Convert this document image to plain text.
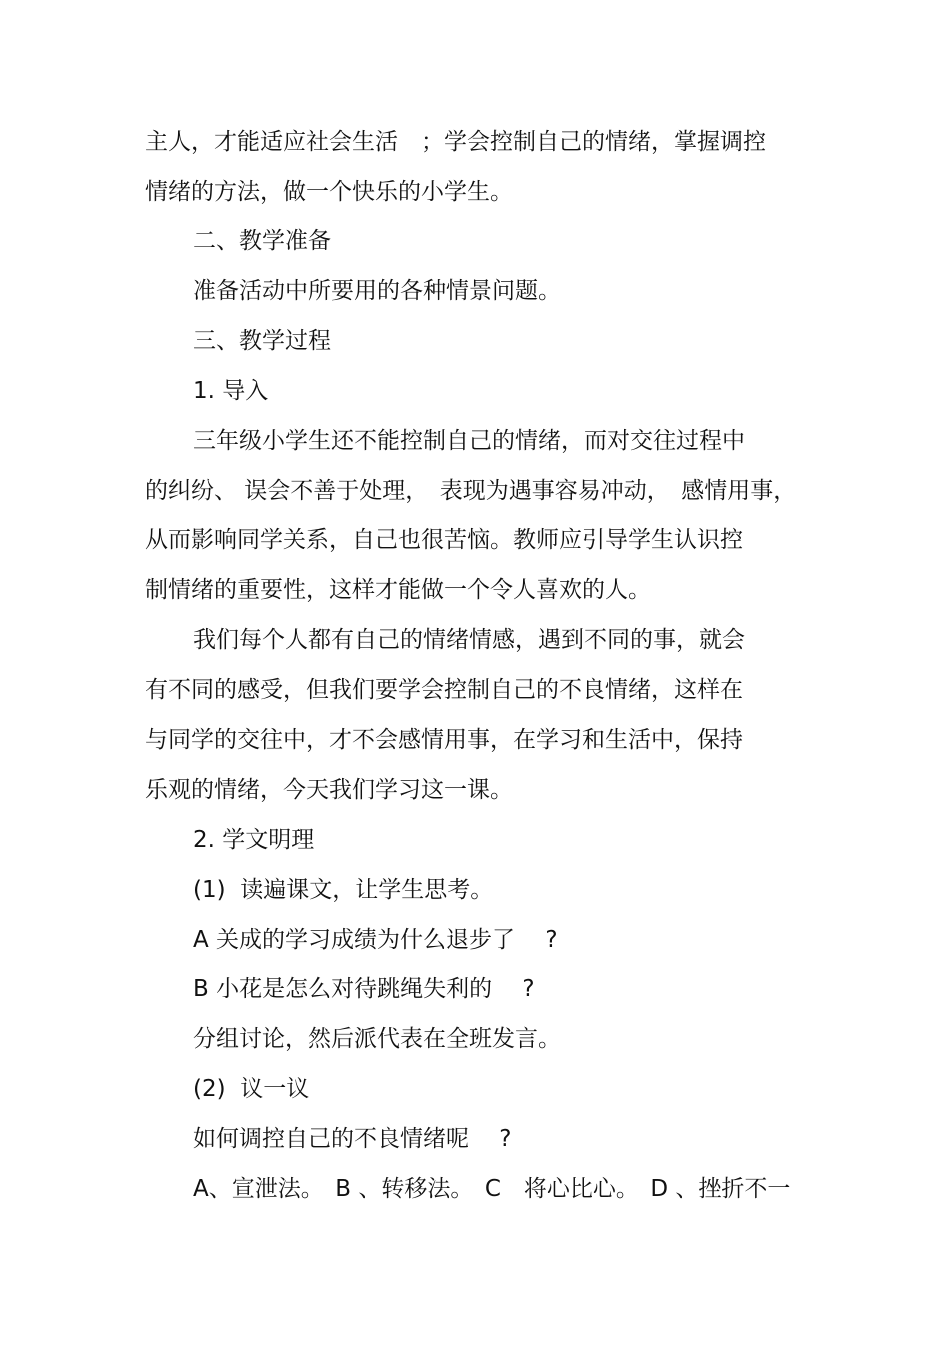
主人，才能适应社会生活　；学会控制自己的情绪，掌握调控
情绪的方法，做一个快乐的小学生。
二、教学准备
准备活动中所要用的各种情景问题。
三、教学过程
1. 导入
三年级小学生还不能控制自己的情绪，而对交往过程中
的纠纷、 误会不善于处理，　表现为遇事容易冲动，　感情用事，
从而影响同学关系，自己也很苦恼。教师应引导学生认识控
制情绪的重要性，这样才能做一个令人喜欢的人。
我们每个人都有自己的情绪情感，遇到不同的事，就会
有不同的感受，但我们要学会控制自己的不良情绪，这样在
与同学的交往中，才不会感情用事，在学习和生活中，保持
乐观的情绪，今天我们学习这一课。
2. 学文明理
(1)  读遍课文，让学生思考。
A 关成的学习成绩为什么退步了　 ?
B 小花是怎么对待跳绳失利的　 ?
分组讨论，然后派代表在全班发言。
(2)  议一议
如何调控自己的不良情绪呢　 ?
A、宣泄法。　B 、转移法。　C　将心比心。　D 、挫折不一
